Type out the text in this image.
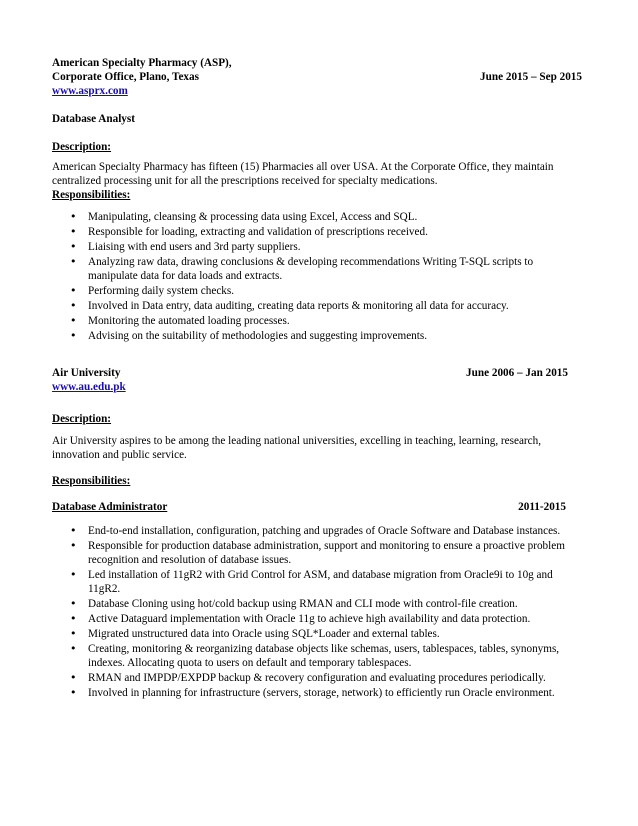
American Specialty Pharmacy (ASP),
Corporate Office, Plano, Texas	June 2015 – Sep 2015
www.asprx.com
Database Analyst
Description:

American Specialty Pharmacy has fifteen (15) Pharmacies all over USA. At the Corporate Office, they maintain centralized processing unit for all the prescriptions received for specialty medications.

Responsibilities:
• Manipulating, cleansing & processing data using Excel, Access and SQL.
• Responsible for loading, extracting and validation of prescriptions received.
• Liaising with end users and 3rd party suppliers.
• Analyzing raw data, drawing conclusions & developing recommendations Writing T-SQL scripts to manipulate data for data loads and extracts.
• Performing daily system checks.
• Involved in Data entry, data auditing, creating data reports & monitoring all data for accuracy.
• Monitoring the automated loading processes.
• Advising on the suitability of methodologies and suggesting improvements.
Air University	June 2006 – Jan 2015
www.au.edu.pk
Description:

Air University aspires to be among the leading national universities, excelling in teaching, learning, research, innovation and public service.

Responsibilities:
Database Administrator	2011-2015
• End-to-end installation, configuration, patching and upgrades of Oracle Software and Database instances.
• Responsible for production database administration, support and monitoring to ensure a proactive problem recognition and resolution of database issues.
• Led installation of 11gR2 with Grid Control for ASM, and database migration from Oracle9i to 10g and 11gR2.
• Database Cloning using hot/cold backup using RMAN and CLI mode with control-file creation.
• Active Dataguard implementation with Oracle 11g to achieve high availability and data protection.
• Migrated unstructured data into Oracle using SQL*Loader and external tables.
• Creating, monitoring & reorganizing database objects like schemas, users, tablespaces, tables, synonyms, indexes. Allocating quota to users on default and temporary tablespaces.
• RMAN and IMPDP/EXPDP backup & recovery configuration and evaluating procedures periodically.
• Involved in planning for infrastructure (servers, storage, network) to efficiently run Oracle environment.
